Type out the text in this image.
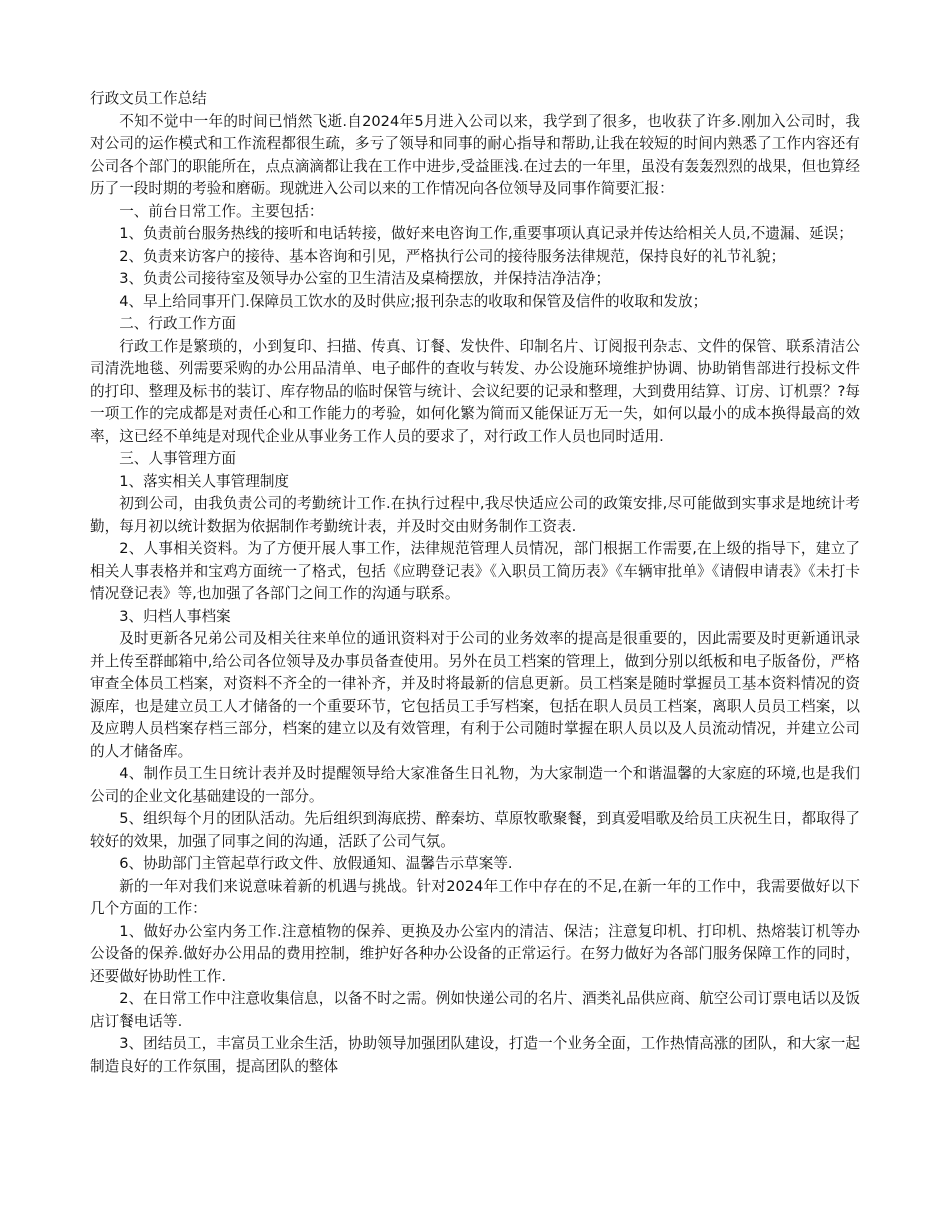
行政文员工作总结

不知不觉中一年的时间已悄然飞逝.自2024年5月进入公司以来，我学到了很多，也收获了许多.刚加入公司时，我对公司的运作模式和工作流程都很生疏，多亏了领导和同事的耐心指导和帮助,让我在较短的时间内熟悉了工作内容还有公司各个部门的职能所在，点点滴滴都让我在工作中进步,受益匪浅.在过去的一年里，虽没有轰轰烈烈的战果，但也算经历了一段时期的考验和磨砺。现就进入公司以来的工作情况向各位领导及同事作简要汇报：

一、前台日常工作。主要包括：

1、负责前台服务热线的接听和电话转接，做好来电咨询工作,重要事项认真记录并传达给相关人员,不遗漏、延误；

2、负责来访客户的接待、基本咨询和引见，严格执行公司的接待服务法律规范，保持良好的礼节礼貌；

3、负责公司接待室及领导办公室的卫生清洁及桌椅摆放，并保持洁净洁净；

4、早上给同事开门.保障员工饮水的及时供应;报刊杂志的收取和保管及信件的收取和发放；

二、行政工作方面

行政工作是繁琐的，小到复印、扫描、传真、订餐、发快件、印制名片、订阅报刊杂志、文件的保管、联系清洁公司清洗地毯、列需要采购的办公用品清单、电子邮件的查收与转发、办公设施环境维护协调、协助销售部进行投标文件的打印、整理及标书的装订、库存物品的临时保管与统计、会议纪要的记录和整理，大到费用结算、订房、订机票？?每一项工作的完成都是对责任心和工作能力的考验，如何化繁为简而又能保证万无一失，如何以最小的成本换得最高的效率，这已经不单纯是对现代企业从事业务工作人员的要求了，对行政工作人员也同时适用.

三、人事管理方面

1、落实相关人事管理制度

初到公司，由我负责公司的考勤统计工作.在执行过程中,我尽快适应公司的政策安排,尽可能做到实事求是地统计考勤，每月初以统计数据为依据制作考勤统计表，并及时交由财务制作工资表.

2、人事相关资料。为了方便开展人事工作，法律规范管理人员情况，部门根据工作需要,在上级的指导下，建立了相关人事表格并和宝鸡方面统一了格式，包括《应聘登记表》《入职员工简历表》《车辆审批单》《请假申请表》《未打卡情况登记表》等,也加强了各部门之间工作的沟通与联系。

3、归档人事档案

及时更新各兄弟公司及相关往来单位的通讯资料对于公司的业务效率的提高是很重要的，因此需要及时更新通讯录并上传至群邮箱中,给公司各位领导及办事员备查使用。另外在员工档案的管理上，做到分别以纸板和电子版备份，严格审查全体员工档案，对资料不齐全的一律补齐，并及时将最新的信息更新。员工档案是随时掌握员工基本资料情况的资源库，也是建立员工人才储备的一个重要环节，它包括员工手写档案，包括在职人员员工档案，离职人员员工档案，以及应聘人员档案存档三部分，档案的建立以及有效管理，有利于公司随时掌握在职人员以及人员流动情况，并建立公司的人才储备库。

4、制作员工生日统计表并及时提醒领导给大家准备生日礼物，为大家制造一个和谐温馨的大家庭的环境,也是我们公司的企业文化基础建设的一部分。

5、组织每个月的团队活动。先后组织到海底捞、醉秦坊、草原牧歌聚餐，到真爱唱歌及给员工庆祝生日，都取得了较好的效果，加强了同事之间的沟通，活跃了公司气氛。

6、协助部门主管起草行政文件、放假通知、温馨告示草案等.

新的一年对我们来说意味着新的机遇与挑战。针对2024年工作中存在的不足,在新一年的工作中，我需要做好以下几个方面的工作：

1、做好办公室内务工作.注意植物的保养、更换及办公室内的清洁、保洁；注意复印机、打印机、热熔装订机等办公设备的保养.做好办公用品的费用控制，维护好各种办公设备的正常运行。在努力做好为各部门服务保障工作的同时，还要做好协助性工作.

2、在日常工作中注意收集信息，以备不时之需。例如快递公司的名片、酒类礼品供应商、航空公司订票电话以及饭店订餐电话等.

3、团结员工，丰富员工业余生活，协助领导加强团队建设，打造一个业务全面，工作热情高涨的团队，和大家一起制造良好的工作氛围，提高团队的整体
